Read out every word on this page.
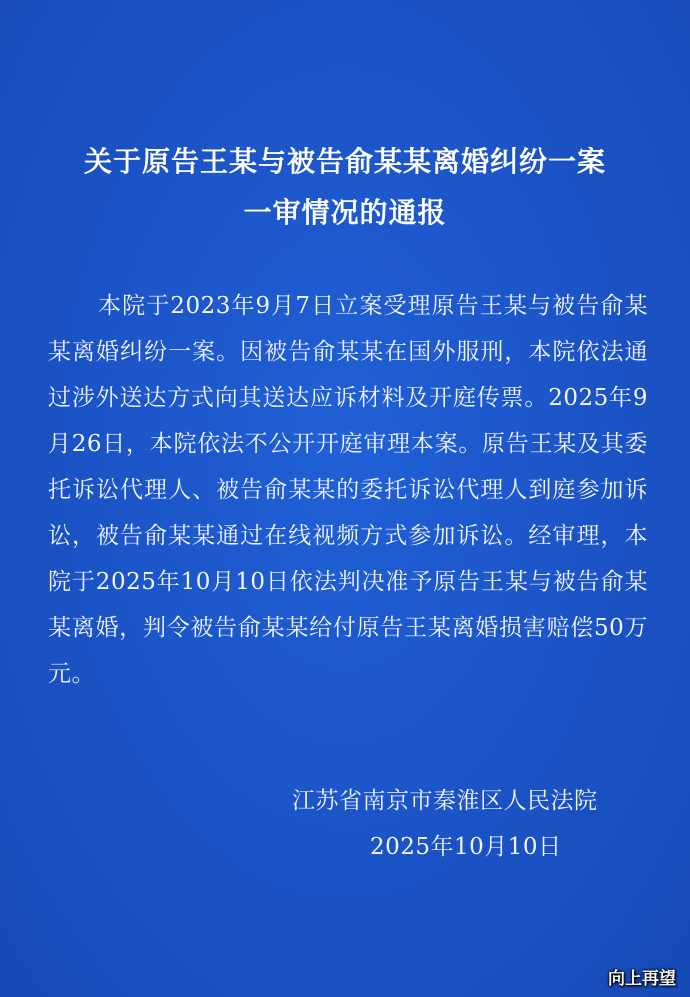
关于原告王某与被告俞某某离婚纠纷一案
一审情况的通报

本院于2023年9月7日立案受理原告王某与被告俞某某离婚纠纷一案。因被告俞某某在国外服刑，本院依法通过涉外送达方式向其送达应诉材料及开庭传票。2025年9月26日，本院依法不公开开庭审理本案。原告王某及其委托诉讼代理人、被告俞某某的委托诉讼代理人到庭参加诉讼，被告俞某某通过在线视频方式参加诉讼。经审理，本院于2025年10月10日依法判决准予原告王某与被告俞某某离婚，判令被告俞某某给付原告王某离婚损害赔偿50万元。

江苏省南京市秦淮区人民法院
2025年10月10日
向上再望
